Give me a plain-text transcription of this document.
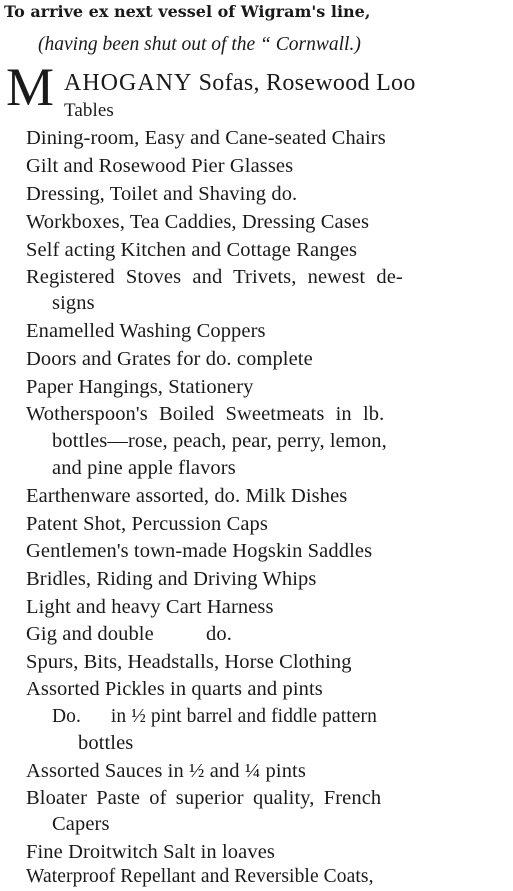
To arrive ex next vessel of Wigram's line,
(having been shut out of the “ Cornwall.)
M AHOGANY Sofas, Rosewood Loo
Tables
Dining-room, Easy and Cane-seated Chairs
Gilt and Rosewood Pier Glasses
Dressing, Toilet and Shaving do.
Workboxes, Tea Caddies, Dressing Cases
Self acting Kitchen and Cottage Ranges
Registered Stoves and Trivets, newest de-
signs
Enamelled Washing Coppers
Doors and Grates for do. complete
Paper Hangings, Stationery
Wotherspoon's Boiled Sweetmeats in lb.
bottles—rose, peach, pear, perry, lemon,
and pine apple flavors
Earthenware assorted, do. Milk Dishes
Patent Shot, Percussion Caps
Gentlemen's town-made Hogskin Saddles
Bridles, Riding and Driving Whips
Light and heavy Cart Harness
Gig and double          do.
Spurs, Bits, Headstalls, Horse Clothing
Assorted Pickles in quarts and pints
Do.      in ½ pint barrel and fiddle pattern
bottles
Assorted Sauces in ½ and ¼ pints
Bloater Paste of superior quality, French
Capers
Fine Droitwitch Salt in loaves
Waterproof Repellant and Reversible Coats,
